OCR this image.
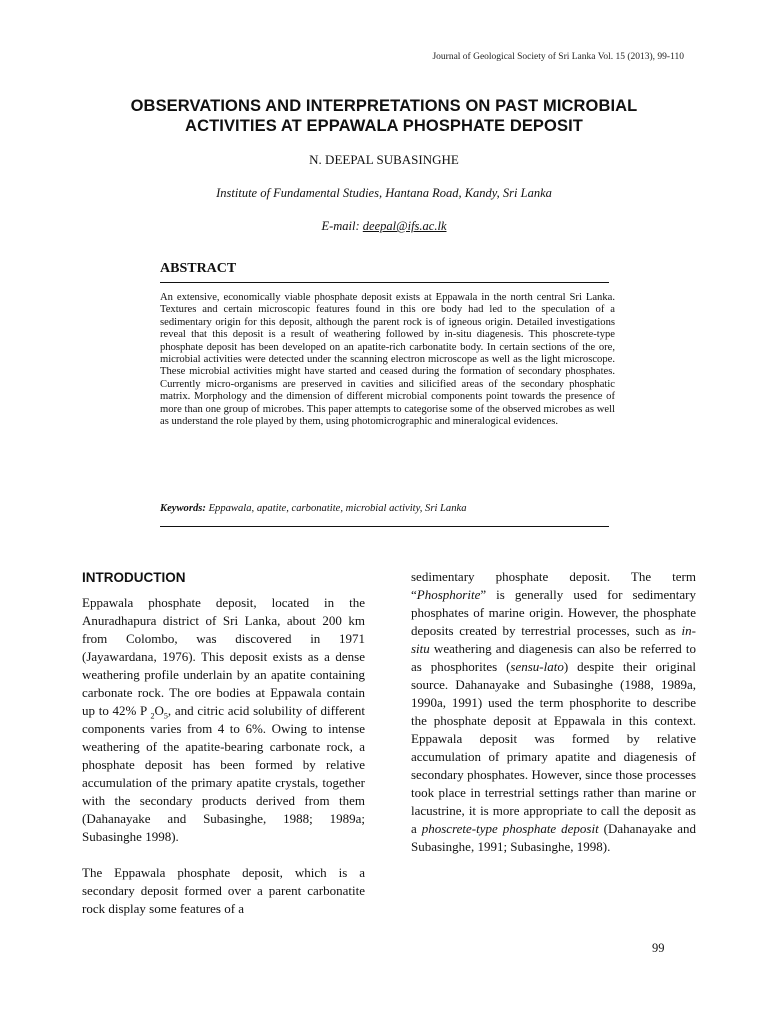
Journal of Geological Society of Sri Lanka Vol. 15 (2013), 99-110
OBSERVATIONS AND INTERPRETATIONS ON PAST MICROBIAL
ACTIVITIES AT EPPAWALA PHOSPHATE DEPOSIT
N. DEEPAL SUBASINGHE
Institute of Fundamental Studies, Hantana Road, Kandy, Sri Lanka
E-mail: deepal@ifs.ac.lk
ABSTRACT
An extensive, economically viable phosphate deposit exists at Eppawala in the north central Sri Lanka. Textures and certain microscopic features found in this ore body had led to the speculation of a sedimentary origin for this deposit, although the parent rock is of igneous origin. Detailed investigations reveal that this deposit is a result of weathering followed by in-situ diagenesis. This phoscrete-type phosphate deposit has been developed on an apatite-rich carbonatite body. In certain sections of the ore, microbial activities were detected under the scanning electron microscope as well as the light microscope. These microbial activities might have started and ceased during the formation of secondary phosphates. Currently micro-organisms are preserved in cavities and silicified areas of the secondary phosphatic matrix. Morphology and the dimension of different microbial components point towards the presence of more than one group of microbes. This paper attempts to categorise some of the observed microbes as well as understand the role played by them, using photomicrographic and mineralogical evidences.
Keywords: Eppawala, apatite, carbonatite, microbial activity, Sri Lanka
INTRODUCTION

Eppawala phosphate deposit, located in the Anuradhapura district of Sri Lanka, about 200 km from Colombo, was discovered in 1971 (Jayawardana, 1976). This deposit exists as a dense weathering profile underlain by an apatite containing carbonate rock. The ore bodies at Eppawala contain up to 42% P $_2O_5$, and citric acid solubility of different components varies from 4 to 6%. Owing to intense weathering of the apatite-bearing carbonate rock, a phosphate deposit has been formed by relative accumulation of the primary apatite crystals, together with the secondary products derived from them (Dahanayake and Subasinghe, 1988; 1989a; Subasinghe 1998).

The Eppawala phosphate deposit, which is a secondary deposit formed over a parent carbonatite rock display some features of a

sedimentary phosphate deposit. The term “Phosphorite” is generally used for sedimentary phosphates of marine origin. However, the phosphate deposits created by terrestrial processes, such as in-situ weathering and diagenesis can also be referred to as phosphorites (sensu-lato) despite their original source. Dahanayake and Subasinghe (1988, 1989a, 1990a, 1991) used the term phosphorite to describe the phosphate deposit at Eppawala in this context. Eppawala deposit was formed by relative accumulation of primary apatite and diagenesis of secondary phosphates. However, since those processes took place in terrestrial settings rather than marine or lacustrine, it is more appropriate to call the deposit as a phoscrete-type phosphate deposit (Dahanayake and Subasinghe, 1991; Subasinghe, 1998).

99
